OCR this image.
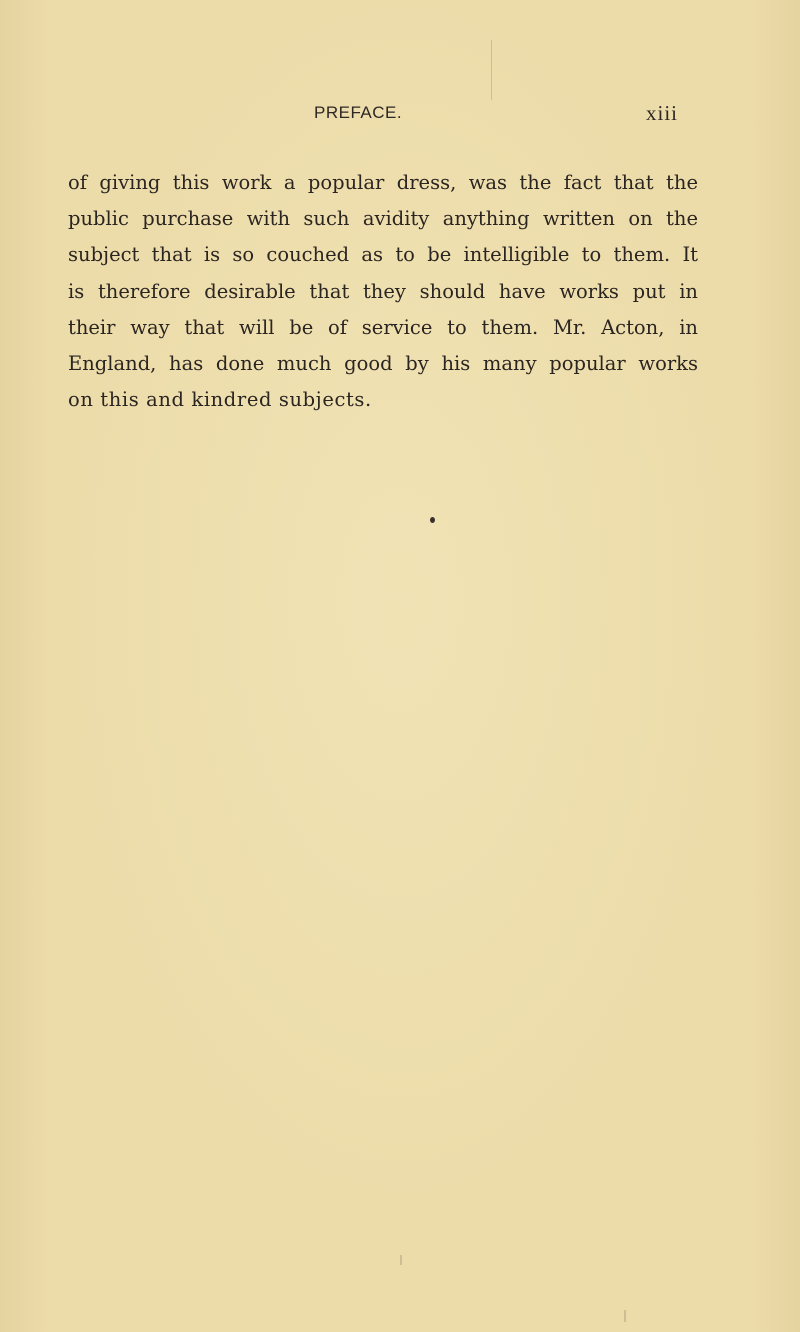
PREFACE.	xiii
of giving this work a popular dress, was the fact that the
public purchase with such avidity anything written on the
subject that is so couched as to be intelligible to them. It
is therefore desirable that they should have works put in
their way that will be of service to them. Mr. Acton, in
England, has done much good by his many popular works
on this and kindred subjects.
